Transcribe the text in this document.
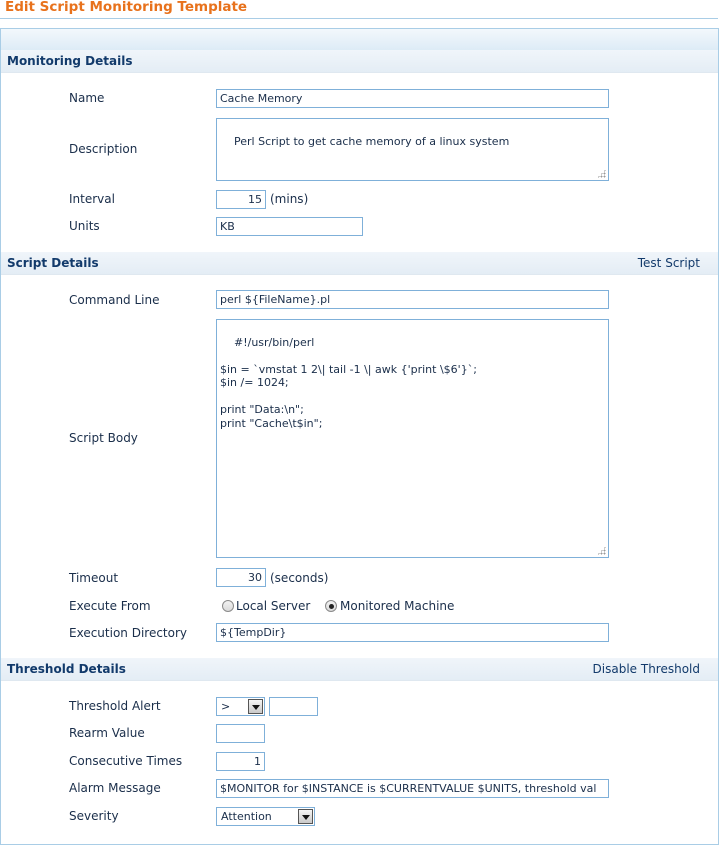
Edit Script Monitoring Template
Monitoring Details
Name	Cache Memory
Description

Perl Script to get cache memory of a linux system

Interval	15 (mins)
Units	KB
Script Details	Test Script
Command Line	perl ${FileName}.pl
Script Body

#!/usr/bin/perl

$in = `vmstat 1 2\| tail -1 \| awk {'print \$6'}`;
$in /= 1024;

print "Data:\n";
print "Cache\t$in";

Timeout	30 (seconds)
Execute From	Local Server Monitored Machine
Execution Directory	${TempDir}
Threshold Details	Disable Threshold
Threshold Alert	>
Rearm Value
Consecutive Times	1
Alarm Message	$MONITOR for $INSTANCE is $CURRENTVALUE $UNITS, threshold val
Severity	Attention
